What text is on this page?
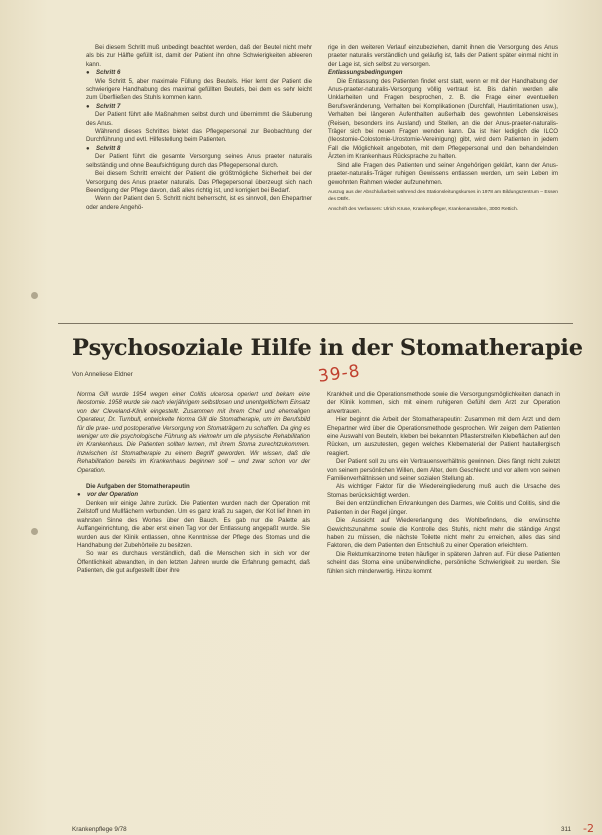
Bei diesem Schritt muß unbedingt beachtet werden, daß der Beutel nicht mehr als bis zur Hälfte gefüllt ist, damit der Patient ihn ohne Schwierigkeiten ableeren kann.

● Schritt 6

Wie Schritt 5, aber maximale Füllung des Beutels. Hier lernt der Patient die schwierigere Handhabung des maximal gefüllten Beutels, bei dem es sehr leicht zum Überfließen des Stuhls kommen kann.

● Schritt 7

Der Patient führt alle Maßnahmen selbst durch und übernimmt die Säuberung des Anus.

Während dieses Schrittes bietet das Pflegepersonal zur Beobachtung der Durchführung und evtl. Hilfestellung beim Patienten.

● Schritt 8

Der Patient führt die gesamte Versorgung seines Anus praeter naturalis selbständig und ohne Beaufsichtigung durch das Pflegepersonal durch.

Bei diesem Schritt erreicht der Patient die größtmögliche Sicherheit bei der Versorgung des Anus praeter naturalis. Das Pflegepersonal überzeugt sich nach Beendigung der Pflege davon, daß alles richtig ist, und korrigiert bei Bedarf.

Wenn der Patient den 5. Schritt nicht beherrscht, ist es sinnvoll, den Ehepartner oder andere Angehö-

rige in den weiteren Verlauf einzubeziehen, damit ihnen die Versorgung des Anus praeter naturalis verständlich und geläufig ist, falls der Patient später einmal nicht in der Lage ist, sich selbst zu versorgen.

Entlassungsbedingungen

Die Entlassung des Patienten findet erst statt, wenn er mit der Handhabung der Anus-praeter-naturalis-Versorgung völlig vertraut ist. Bis dahin werden alle Unklarheiten und Fragen besprochen, z. B. die Frage einer eventuellen Berufsveränderung, Verhalten bei Komplikationen (Durchfall, Hautirritationen usw.), Verhalten bei längeren Aufenthalten außerhalb des gewohnten Lebenskreises (Reisen, besonders ins Ausland) und Stellen, an die der Anus-praeter-naturalis-Träger sich bei neuen Fragen wenden kann. Da ist hier lediglich die ILCO (Ileostomie-Colostomie-Urostomie-Vereinigung) gibt, wird dem Patienten in jedem Fall die Möglichkeit angeboten, mit dem Pflegepersonal und den behandelnden Ärzten im Krankenhaus Rücksprache zu halten.

Sind alle Fragen des Patienten und seiner Angehörigen geklärt, kann der Anus-praeter-naturalis-Träger ruhigen Gewissens entlassen werden, um sein Leben im gewohnten Rahmen wieder aufzunehmen.

Auszug aus der Abschlußarbeit während des Stationsleitungskurses in 1978 am Bildungszentrum – Essen des DBfK.

Anschrift des Verfassers: Ulrich Kruse, Krankenpfleger, Krankenanstalten, 3000 Rettich.

Psychosoziale Hilfe in der Stomatherapie
Von Anneliese Eldner	39-8

Norma Gill wurde 1954 wegen einer Colitis ulcerosa operiert und bekam eine Ileostomie. 1958 wurde sie nach vierjährigem selbstlosen und unentgeltlichem Einsatz von der Cleveland-Klinik eingestellt. Zusammen mit ihrem Chef und ehemaligen Operateur, Dr. Turnbull, entwickelte Norma Gill die Stomatherapie, um im Berufsbild für die prae- und postoperative Versorgung von Stomaträgern zu schaffen. Da ging es weniger um die psychologische Führung als vielmehr um die physische Rehabilitation im Krankenhaus. Die Patienten sollten lernen, mit ihrem Stoma zurechtzukommen. Inzwischen ist Stomatherapie zu einem Begriff geworden. Wir wissen, daß die Rehabilitation bereits im Krankenhaus beginnen soll – und zwar schon vor der Operation.

Die Aufgaben der Stomatherapeutin

● vor der Operation

Denken wir einige Jahre zurück. Die Patienten wurden nach der Operation mit Zellstoff und Mullfächern verbunden. Um es ganz kraß zu sagen, der Kot lief ihnen im wahrsten Sinne des Wortes über den Bauch. Es gab nur die Palette als Auffangeinrichtung, die aber erst einen Tag vor der Entlassung angepaßt wurde. Sie wurden aus der Klinik entlassen, ohne Kenntnisse der Pflege des Stomas und die Handhabung der Zubehörteile zu besitzen.

So war es durchaus verständlich, daß die Menschen sich in sich vor der Öffentlichkeit abwandten, in den letzten Jahren wurde die Erfahrung gemacht, daß Patienten, die gut aufgestellt über ihre

Krankheit und die Operationsmethode sowie die Versorgungsmöglichkeiten danach in der Klinik kommen, sich mit einem ruhigeren Gefühl dem Arzt zur Operation anvertrauen.

Hier beginnt die Arbeit der Stomatherapeutin: Zusammen mit dem Arzt und dem Ehepartner wird über die Operationsmethode gesprochen. Wir zeigen dem Patienten eine Auswahl von Beuteln, kleben bei bekannten Pflasterstreifen Klebeflächen auf den Rücken, um auszutesten, gegen welches Klebematerial der Patient hautallergisch reagiert.

Der Patient soll zu uns ein Vertrauensverhältnis gewinnen. Dies fängt nicht zuletzt von seinem persönlichen Willen, dem Alter, dem Geschlecht und vor allem von seinen Familienverhältnissen und seiner sozialen Stellung ab.

Als wichtiger Faktor für die Wiedereingliederung muß auch die Ursache des Stomas berücksichtigt werden.

Bei den entzündlichen Erkrankungen des Darmes, wie Colitis und Colitis, sind die Patienten in der Regel jünger.

Die Aussicht auf Wiedererlangung des Wohlbefindens, die erwünschte Gewichtszunahme sowie die Kontrolle des Stuhls, nicht mehr die ständige Angst haben zu müssen, die nächste Toilette nicht mehr zu erreichen, alles das sind Faktoren, die dem Patienten den Entschluß zu einer Operation erleichtern.

Die Rektumkarzinome treten häufiger in späteren Jahren auf. Für diese Patienten scheint das Stoma eine unüberwindliche, persönliche Schwierigkeit zu werden. Sie fühlen sich minderwertig. Hinzu kommt

Krankenpflege 9/78	311 -2
